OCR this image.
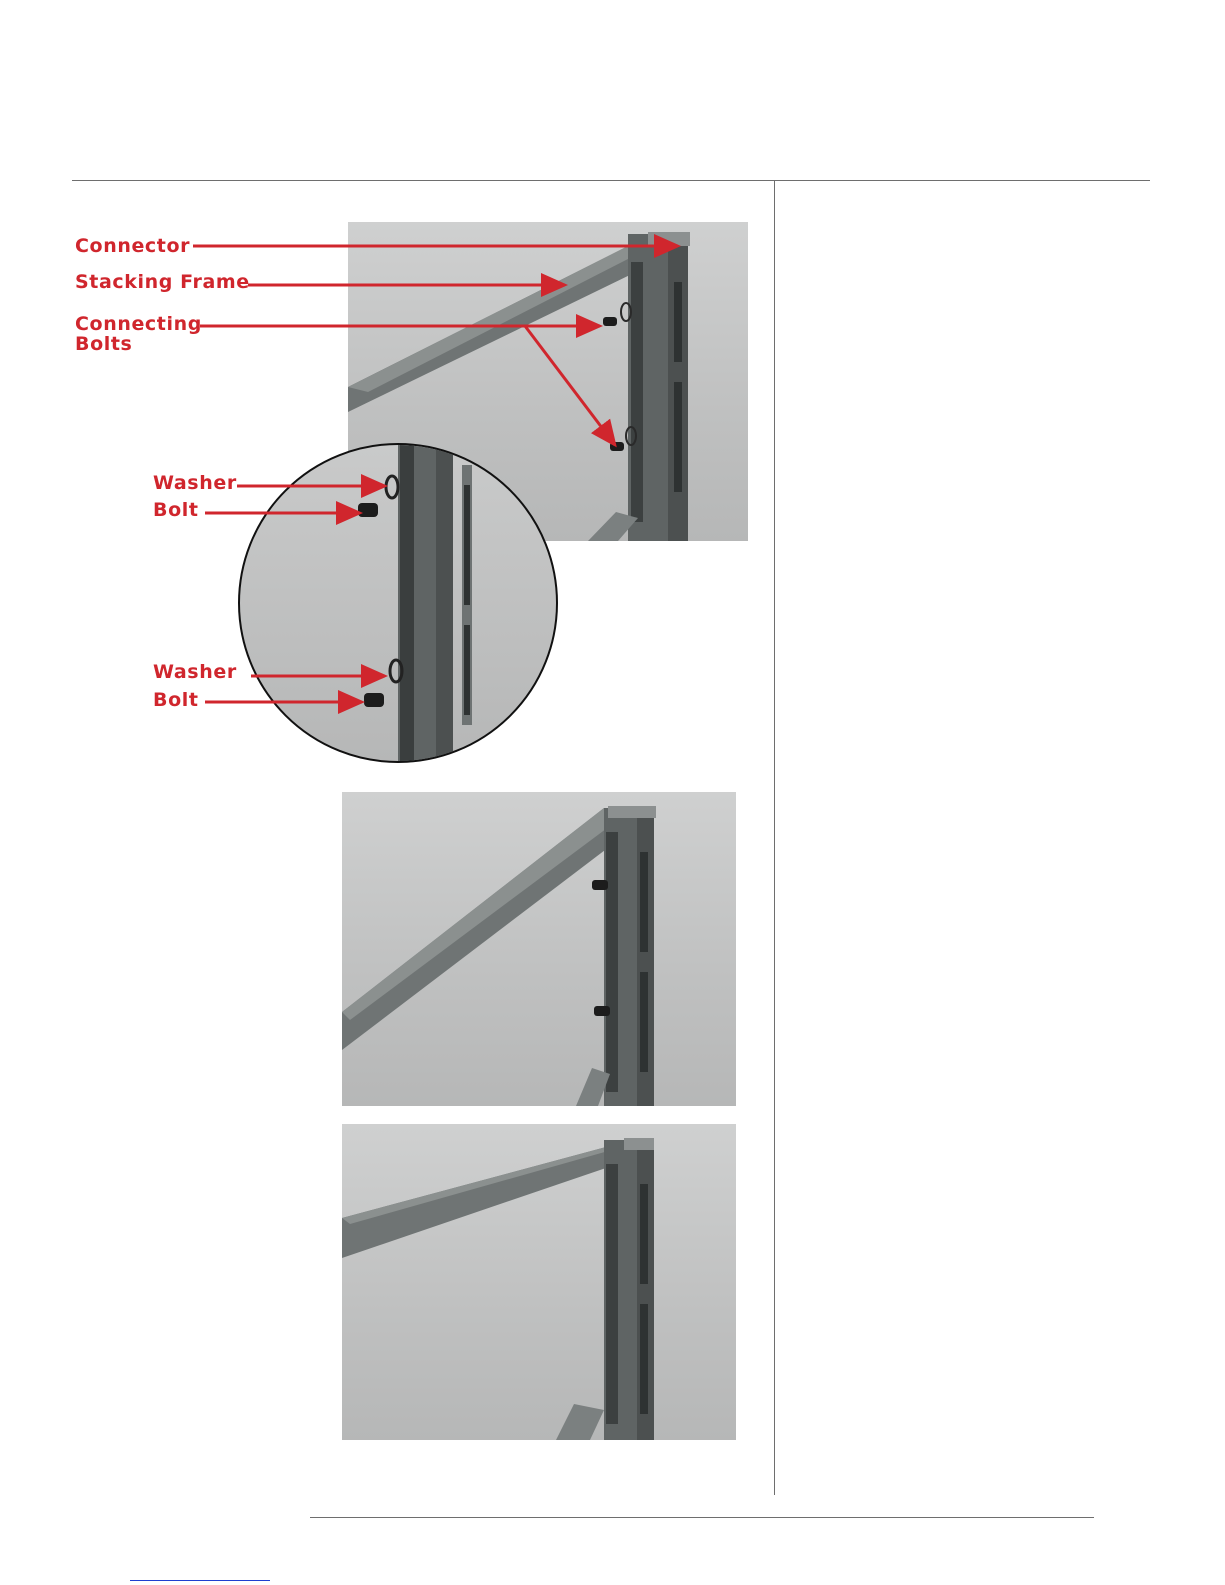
Connector
Stacking Frame
Connecting
Bolts
Washer
Bolt
Washer
Bolt
